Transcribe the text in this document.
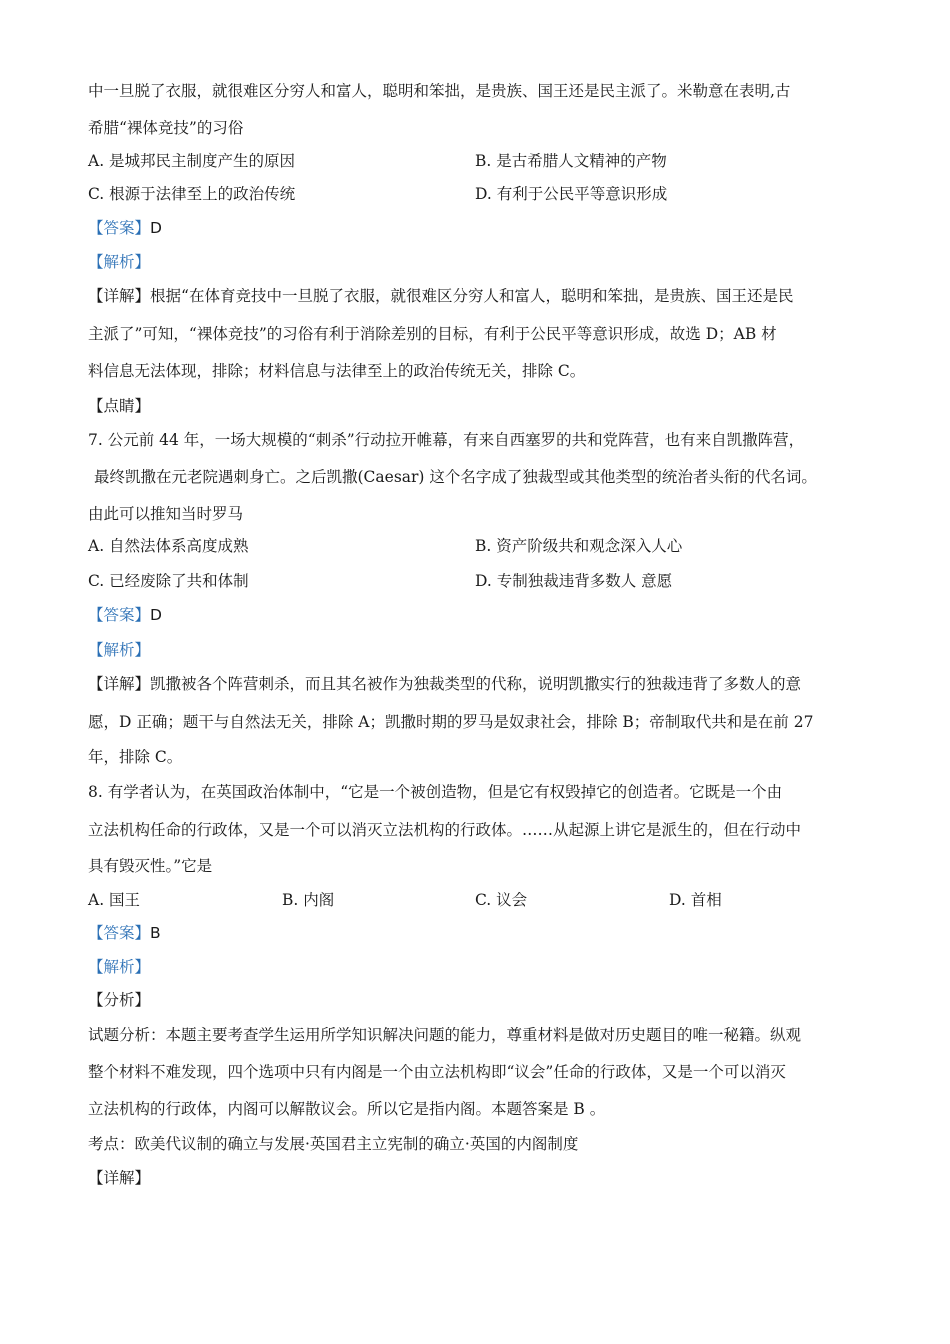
中一旦脱了衣服，就很难区分穷人和富人，聪明和笨拙，是贵族、国王还是民主派了。米勒意在表明,古
希腊“裸体竞技”的习俗
A. 是城邦民主制度产生的原因	B. 是古希腊人文精神的产物
C. 根源于法律至上的政治传统	D. 有利于公民平等意识形成
【答案】D
【解析】
【详解】根据“在体育竞技中一旦脱了衣服，就很难区分穷人和富人，聪明和笨拙，是贵族、国王还是民
主派了”可知，“裸体竞技”的习俗有利于消除差别的目标，有利于公民平等意识形成，故选 D；AB 材
料信息无法体现，排除；材料信息与法律至上的政治传统无关，排除 C。
【点睛】
7. 公元前 44 年，一场大规模的“刺杀”行动拉开帷幕，有来自西塞罗的共和党阵营，也有来自凯撒阵营，
最终凯撒在元老院遇刺身亡。之后凯撒(Caesar) 这个名字成了独裁型或其他类型的统治者头衔的代名词。
由此可以推知当时罗马
A. 自然法体系高度成熟	B. 资产阶级共和观念深入人心
C. 已经废除了共和体制	D. 专制独裁违背多数人 意愿
【答案】D
【解析】
【详解】凯撒被各个阵营刺杀，而且其名被作为独裁类型的代称，说明凯撒实行的独裁违背了多数人的意
愿，D 正确；题干与自然法无关，排除 A；凯撒时期的罗马是奴隶社会，排除 B；帝制取代共和是在前 27
年，排除 C。
8. 有学者认为，在英国政治体制中，“它是一个被创造物，但是它有权毁掉它的创造者。它既是一个由
立法机构任命的行政体，又是一个可以消灭立法机构的行政体。……从起源上讲它是派生的，但在行动中
具有毁灭性。”它是
A. 国王	B. 内阁	C. 议会	D. 首相
【答案】B
【解析】
【分析】
试题分析：本题主要考查学生运用所学知识解决问题的能力，尊重材料是做对历史题目的唯一秘籍。纵观
整个材料不难发现，四个选项中只有内阁是一个由立法机构即“议会”任命的行政体，又是一个可以消灭
立法机构的行政体，内阁可以解散议会。所以它是指内阁。本题答案是 B 。
考点：欧美代议制的确立与发展·英国君主立宪制的确立·英国的内阁制度
【详解】
